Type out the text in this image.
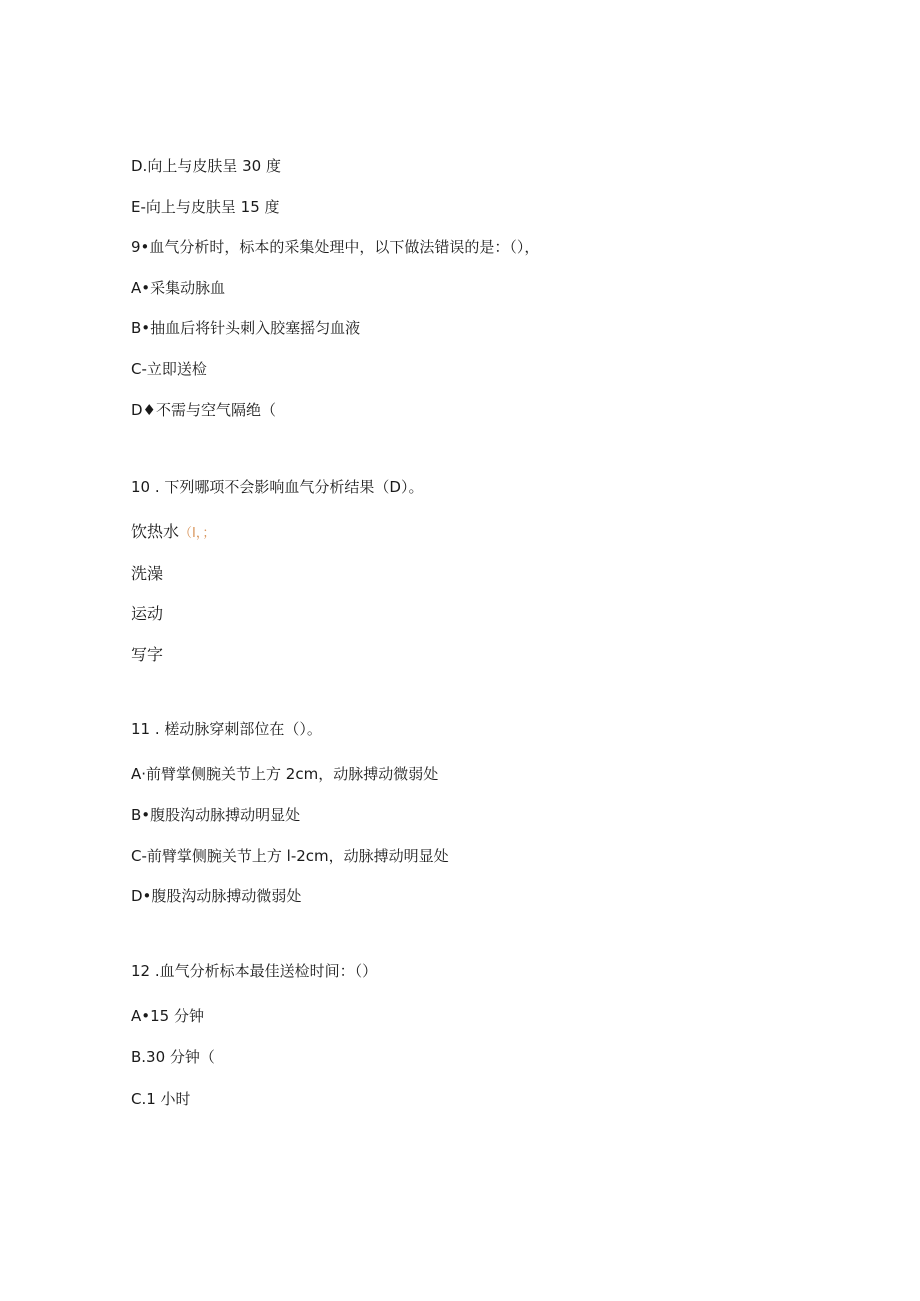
D.向上与皮肤呈 30 度
E-向上与皮肤呈 15 度
9•血气分析时，标本的采集处理中，以下做法错误的是：（），
A•采集动脉血
B•抽血后将针头刺入胶塞摇匀血液
C-立即送检
D♦不需与空气隔绝（
10 . 下列哪项不会影响血气分析结果（D）。
饮热水（I，；
洗澡
运动
写字
11 . 槎动脉穿刺部位在（）。
A·前臂掌侧腕关节上方 2cm，动脉搏动微弱处
B•腹股沟动脉搏动明显处
C-前臂掌侧腕关节上方 l-2cm，动脉搏动明显处
D•腹股沟动脉搏动微弱处
12 .血气分析标本最佳送检时间：（）
A•15 分钟
B.30 分钟（
C.1 小时
